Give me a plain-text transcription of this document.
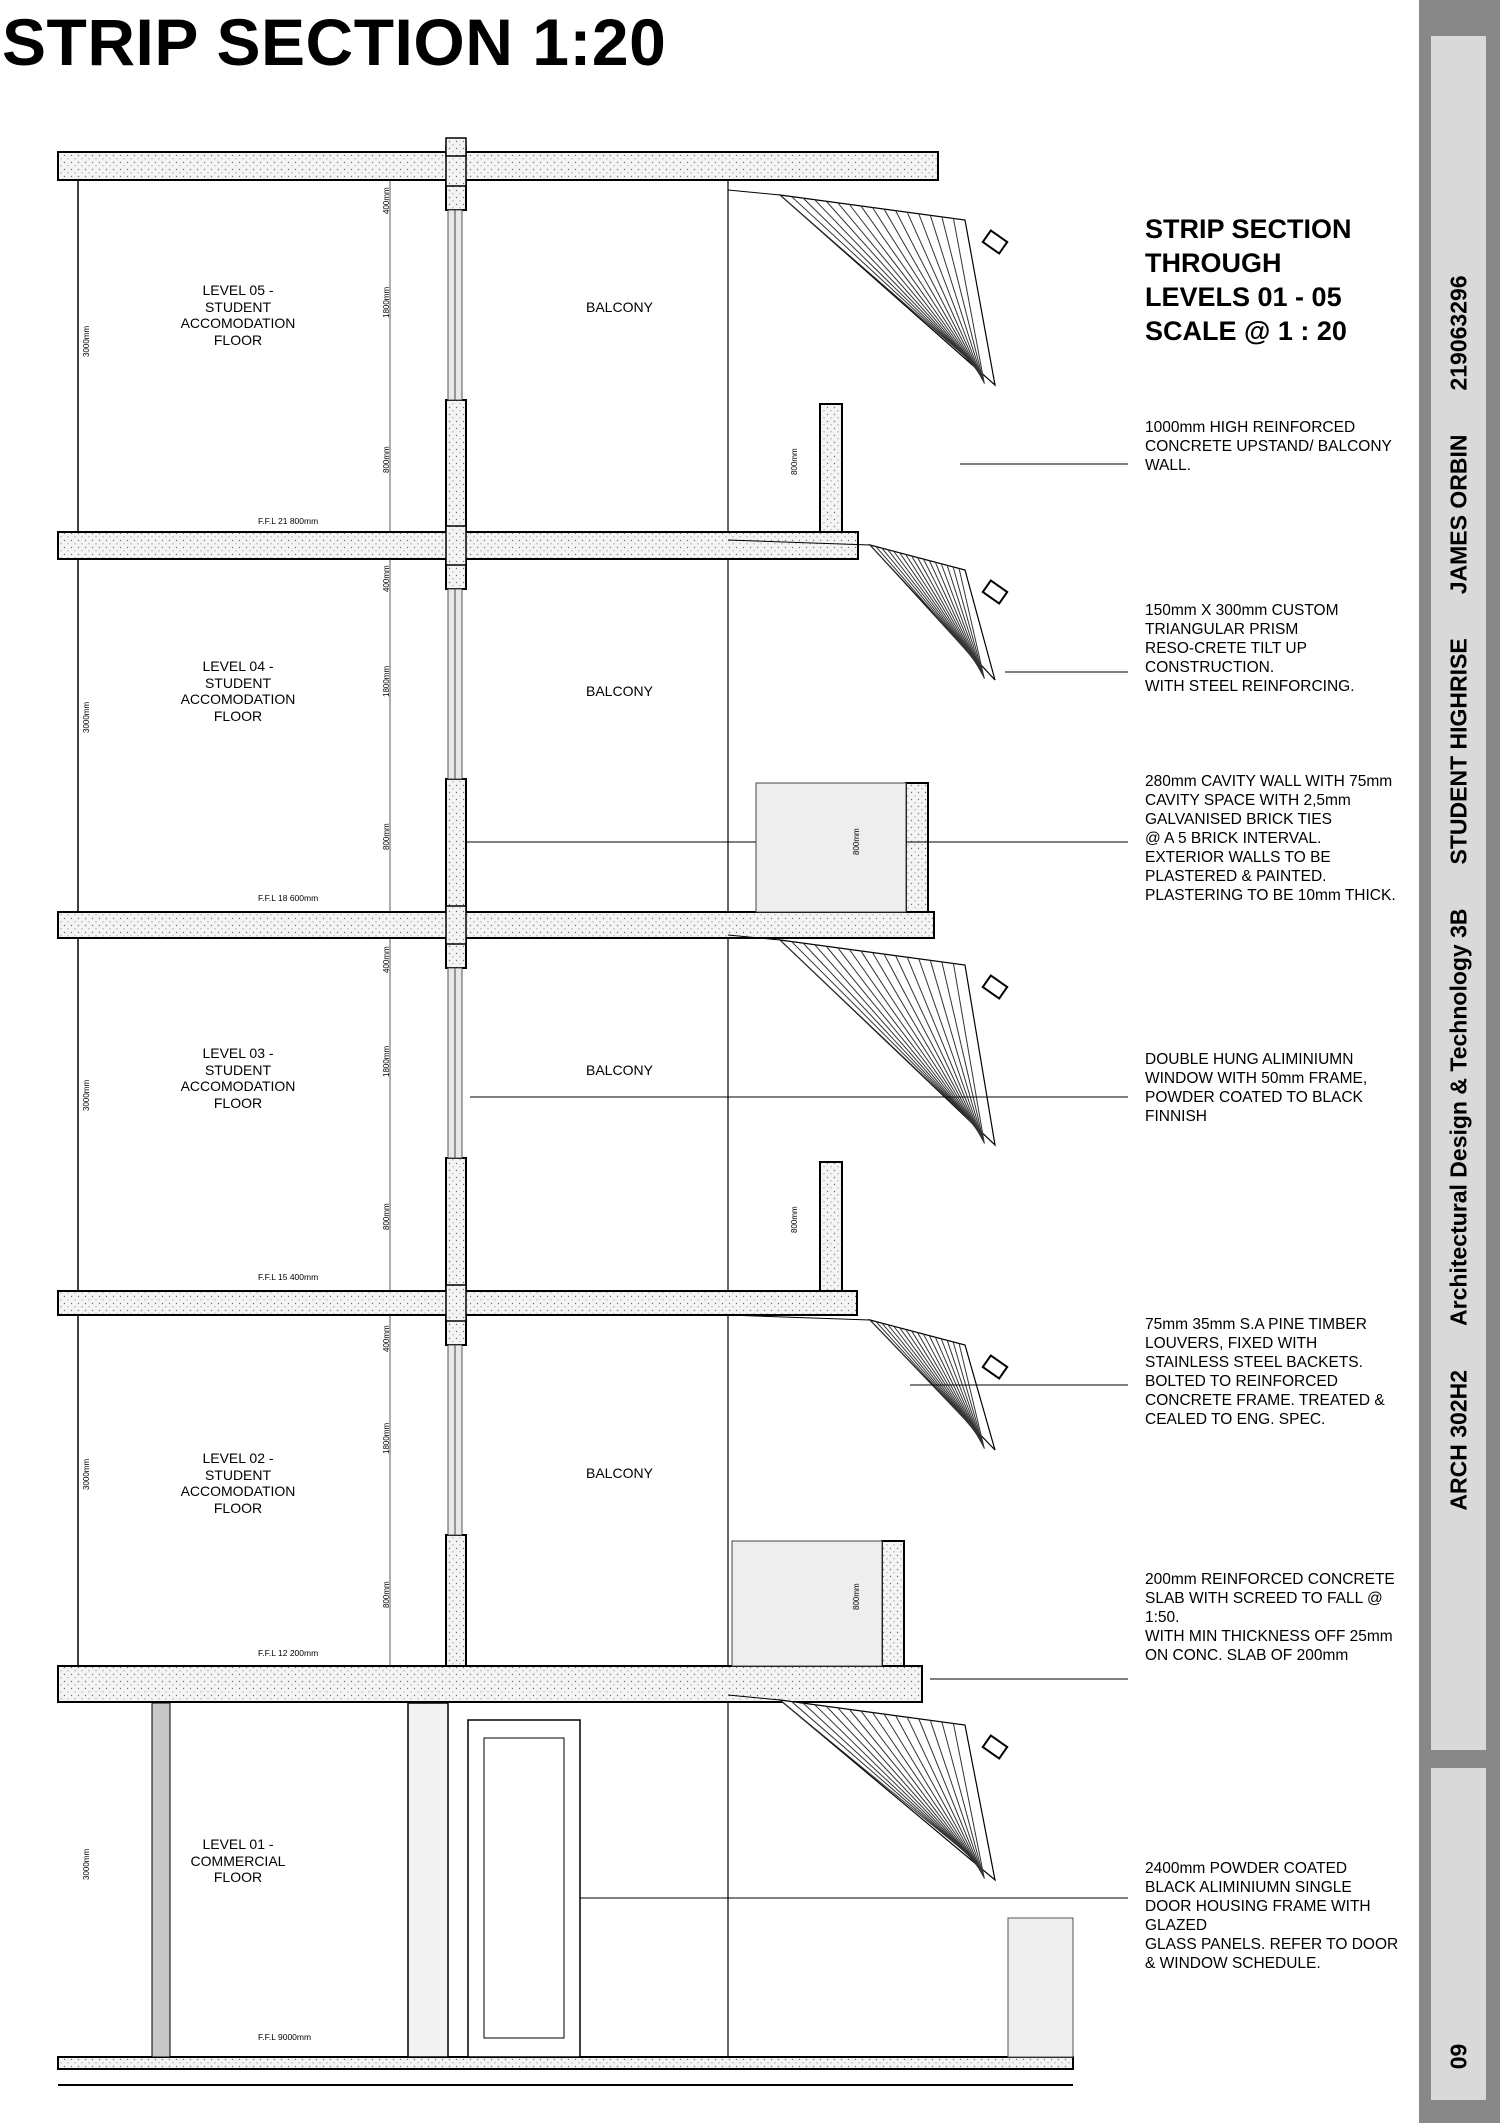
STRIP SECTION 1:20
STRIP SECTION
THROUGH
LEVELS 01 - 05
SCALE @ 1 : 20
1000mm HIGH REINFORCED
CONCRETE UPSTAND/ BALCONY
WALL.
150mm X 300mm CUSTOM
TRIANGULAR PRISM
RESO-CRETE TILT UP
CONSTRUCTION.
WITH STEEL REINFORCING.
280mm CAVITY WALL WITH 75mm
CAVITY SPACE WITH 2,5mm
GALVANISED BRICK TIES
@ A 5 BRICK INTERVAL.
EXTERIOR WALLS TO BE
PLASTERED & PAINTED.
PLASTERING TO BE 10mm THICK.
DOUBLE HUNG ALIMINIUMN
WINDOW WITH 50mm FRAME,
POWDER COATED TO BLACK
FINNISH
75mm 35mm S.A PINE TIMBER
LOUVERS, FIXED WITH
STAINLESS STEEL BACKETS.
BOLTED TO REINFORCED
CONCRETE FRAME. TREATED &
CEALED TO ENG. SPEC.
200mm REINFORCED CONCRETE
SLAB WITH SCREED TO FALL @
1:50.
WITH MIN THICKNESS OFF 25mm
ON CONC. SLAB OF 200mm
2400mm POWDER COATED
BLACK ALIMINIUMN SINGLE
DOOR HOUSING FRAME WITH
GLAZED
GLASS PANELS. REFER TO DOOR
& WINDOW SCHEDULE.
LEVEL 05 -
STUDENT
ACCOMODATION
FLOOR
LEVEL 04 -
STUDENT
ACCOMODATION
FLOOR
LEVEL 03 -
STUDENT
ACCOMODATION
FLOOR
LEVEL 02 -
STUDENT
ACCOMODATION
FLOOR
LEVEL 01 -
COMMERCIAL
FLOOR
BALCONY
BALCONY
BALCONY
BALCONY
F.F.L 21 800mm
F.F.L 18 600mm
F.F.L 15 400mm
F.F.L 12 200mm
F.F.L 9000mm
3000mm
3000mm
3000mm
3000mm
3000mm
400mm
1800mm
800mm
400mm
1800mm
800mm
400mm
1800mm
800mm
400mm
1800mm
800mm
800mm
800mm
800mm
800mm
ARCH 302H2
Architectural Design & Technology 3B
STUDENT HIGHRISE
JAMES ORBIN
219063296
09
